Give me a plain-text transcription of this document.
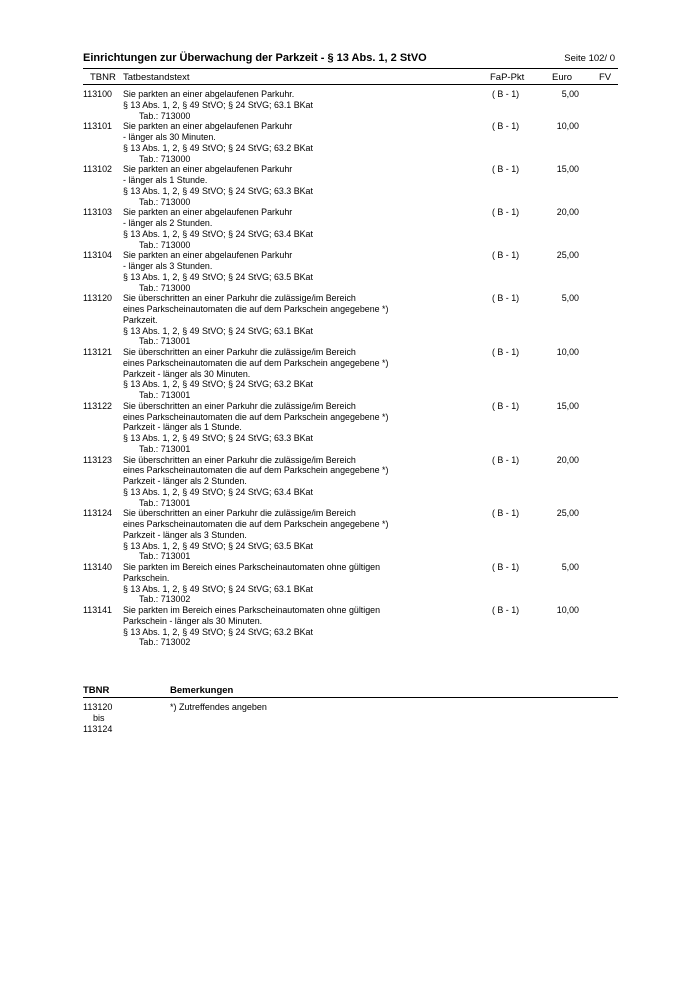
Einrichtungen zur Überwachung der Parkzeit - § 13 Abs. 1, 2 StVO	Seite 102/ 0
TBNR Tatbestandstext	FaP-Pkt	Euro	FV
113100 Sie parkten an einer abgelaufenen Parkuhr.
§ 13 Abs. 1, 2, § 49 StVO; § 24 StVG; 63.1 BKat
Tab.: 713000
( B - 1)	5,00
113101 Sie parkten an einer abgelaufenen Parkuhr
- länger als 30 Minuten.
§ 13 Abs. 1, 2, § 49 StVO; § 24 StVG; 63.2 BKat
Tab.: 713000
( B - 1)	10,00
113102 Sie parkten an einer abgelaufenen Parkuhr
- länger als 1 Stunde.
§ 13 Abs. 1, 2, § 49 StVO; § 24 StVG; 63.3 BKat
Tab.: 713000
( B - 1)	15,00
113103 Sie parkten an einer abgelaufenen Parkuhr
- länger als 2 Stunden.
§ 13 Abs. 1, 2, § 49 StVO; § 24 StVG; 63.4 BKat
Tab.: 713000
( B - 1)	20,00
113104 Sie parkten an einer abgelaufenen Parkuhr
- länger als 3 Stunden.
§ 13 Abs. 1, 2, § 49 StVO; § 24 StVG; 63.5 BKat
Tab.: 713000
( B - 1)	25,00
113120 Sie überschritten an einer Parkuhr die zulässige/im Bereich
eines Parkscheinautomaten die auf dem Parkschein angegebene *)
Parkzeit.
§ 13 Abs. 1, 2, § 49 StVO; § 24 StVG; 63.1 BKat
Tab.: 713001
( B - 1)	5,00
113121 Sie überschritten an einer Parkuhr die zulässige/im Bereich
eines Parkscheinautomaten die auf dem Parkschein angegebene *)
Parkzeit - länger als 30 Minuten.
§ 13 Abs. 1, 2, § 49 StVO; § 24 StVG; 63.2 BKat
Tab.: 713001
( B - 1)	10,00
113122 Sie überschritten an einer Parkuhr die zulässige/im Bereich
eines Parkscheinautomaten die auf dem Parkschein angegebene *)
Parkzeit - länger als 1 Stunde.
§ 13 Abs. 1, 2, § 49 StVO; § 24 StVG; 63.3 BKat
Tab.: 713001
( B - 1)	15,00
113123 Sie überschritten an einer Parkuhr die zulässige/im Bereich
eines Parkscheinautomaten die auf dem Parkschein angegebene *)
Parkzeit - länger als 2 Stunden.
§ 13 Abs. 1, 2, § 49 StVO; § 24 StVG; 63.4 BKat
Tab.: 713001
( B - 1)	20,00
113124 Sie überschritten an einer Parkuhr die zulässige/im Bereich
eines Parkscheinautomaten die auf dem Parkschein angegebene *)
Parkzeit - länger als 3 Stunden.
§ 13 Abs. 1, 2, § 49 StVO; § 24 StVG; 63.5 BKat
Tab.: 713001
( B - 1)	25,00
113140 Sie parkten im Bereich eines Parkscheinautomaten ohne gültigen
Parkschein.
§ 13 Abs. 1, 2, § 49 StVO; § 24 StVG; 63.1 BKat
Tab.: 713002
( B - 1)	5,00
113141 Sie parkten im Bereich eines Parkscheinautomaten ohne gültigen
Parkschein - länger als 30 Minuten.
§ 13 Abs. 1, 2, § 49 StVO; § 24 StVG; 63.2 BKat
Tab.: 713002
( B - 1)	10,00
TBNR	Bemerkungen
113120
bis
113124
*) Zutreffendes angeben
